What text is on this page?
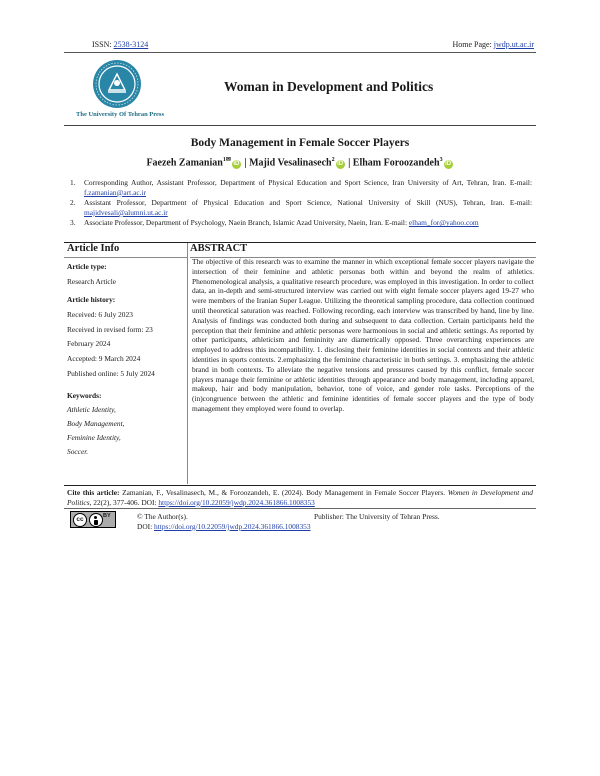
ISSN: 2538-3124	Home Page: jwdp.ut.ac.ir
The University Of Tehran Press
Woman in Development and Politics
Body Management in Female Soccer Players
Faezeh Zamanian$^{1✉}$iD | Majid Vesalinasech$^2$iD | Elham Foroozandeh$^3$iD
1. Corresponding Author, Assistant Professor, Department of Physical Education and Sport Science, Iran University of Art, Tehran, Iran. E-mail: f.zamanian@art.ac.ir
2. Assistant Professor, Department of Physical Education and Sport Science, National University of Skill (NUS), Tehran, Iran. E-mail: majidvesali@alumni.ut.ac.ir
3. Associate Professor, Department of Psychology, Naein Branch, Islamic Azad University, Naein, Iran. E-mail: elham_for@yahoo.com
Article Info	ABSTRACT
Article type:
Research Article
Article history:
Received: 6 July 2023
Received in revised form: 23
February 2024
Accepted: 9 March 2024
Published online: 5 July 2024
Keywords:
Athletic Identity,
Body Management,
Feminine Identity,
Soccer.
The objective of this research was to examine the manner in which exceptional female soccer players navigate the intersection of their feminine and athletic personas both within and beyond the realm of athletics. Phenomenological analysis, a qualitative research procedure, was employed in this investigation. In order to collect data, an in-depth and semi-structured interview was carried out with eight female soccer players aged 19-27 who were members of the Iranian Super League. Utilizing the theoretical sampling procedure, data collection continued until theoretical saturation was reached. Following recording, each interview was transcribed by hand, line by line. Analysis of findings was conducted both during and subsequent to data collection. Certain participants held the perception that their feminine and athletic personas were harmonious in social and athletic settings. As reported by other participants, athleticism and femininity are diametrically opposed. Three overarching experiences are employed to address this incompatibility. 1. disclosing their feminine identities in social contexts and their athletic identities in sports contexts. 2.emphasizing the feminine characteristic in both settings. 3. emphasizing the athletic brand in both contexts. To alleviate the negative tensions and pressures caused by this conflict, female soccer players manage their feminine or athletic identities through appearance and body management, including apparel, makeup, hair and body manipulation, behavior, tone of voice, and gender role tasks. Perceptions of the (in)congruence between the athletic and feminine identities of female soccer players and the type of body management they employed were found to overlap.
Cite this article: Zamanian, F., Vesalinasech, M., & Foroozandeh, E. (2024). Body Management in Female Soccer Players. Women in Development and Politics, 22(2), 377-406. DOI: https://doi.org/10.22059/jwdp.2024.361866.1008353
cc	BY	© The Author(s).
DOI: https://doi.org/10.22059/jwdp.2024.361866.1008353
Publisher: The University of Tehran Press.
